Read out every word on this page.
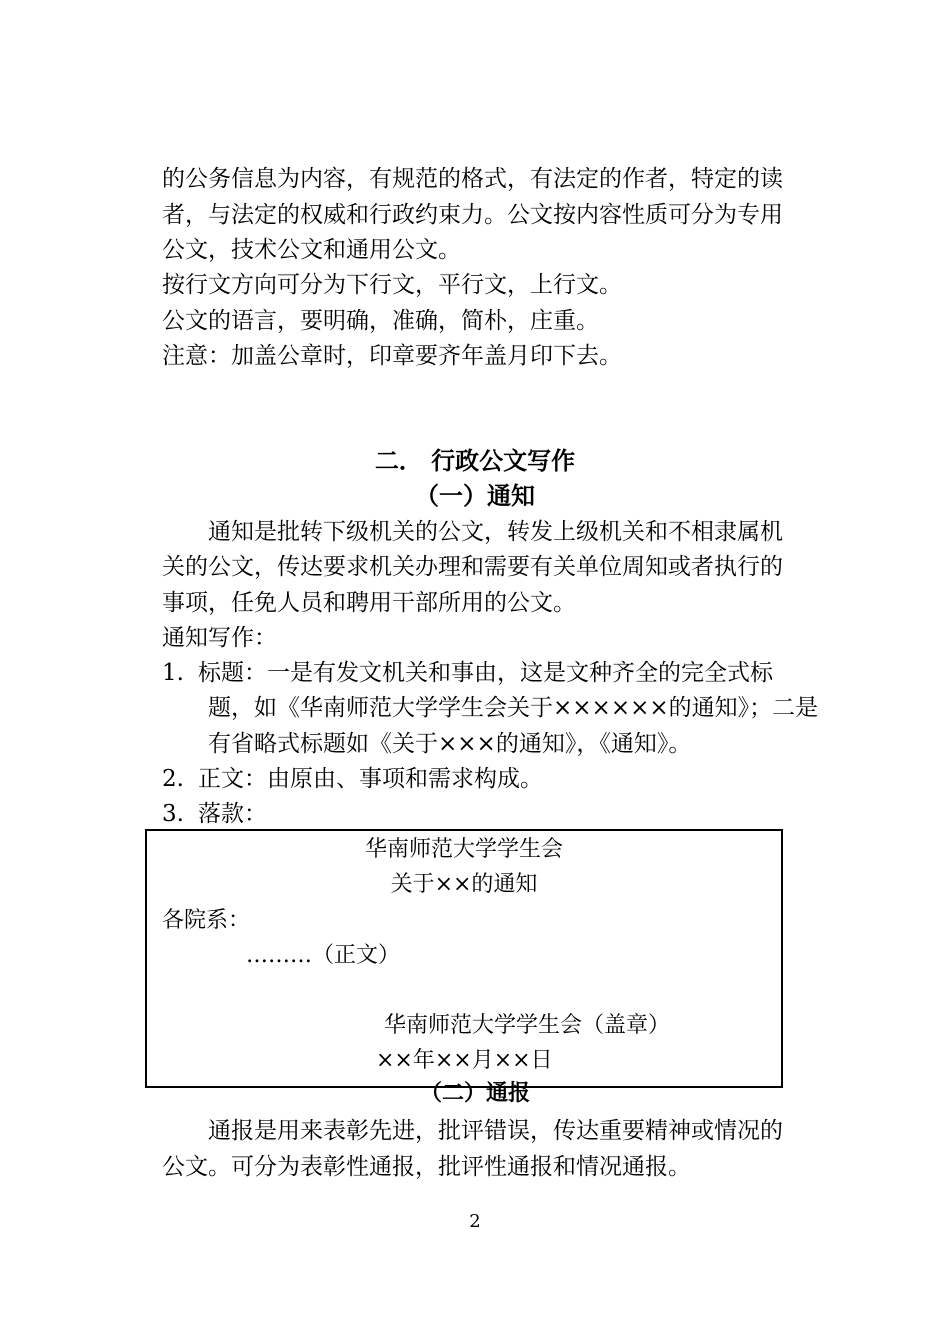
的公务信息为内容，有规范的格式，有法定的作者，特定的读
者，与法定的权威和行政约束力。公文按内容性质可分为专用
公文，技术公文和通用公文。
按行文方向可分为下行文，平行文，上行文。
公文的语言，要明确，准确，简朴，庄重。
注意：加盖公章时，印章要齐年盖月印下去。
二． 行政公文写作
（一）通知
通知是批转下级机关的公文，转发上级机关和不相隶属机
关的公文，传达要求机关办理和需要有关单位周知或者执行的
事项，任免人员和聘用干部所用的公文。
通知写作：
1. 标题：一是有发文机关和事由，这是文种齐全的完全式标
题，如《华南师范大学学生会关于××××××的通知》；二是
有省略式标题如《关于×××的通知》，《通知》。
2. 正文：由原由、事项和需求构成。
3. 落款：
华南师范大学学生会
关于××的通知
各院系：
………（正文）
华南师范大学学生会（盖章）
××年××月××日
（二）通报
通报是用来表彰先进，批评错误，传达重要精神或情况的
公文。可分为表彰性通报，批评性通报和情况通报。
2
